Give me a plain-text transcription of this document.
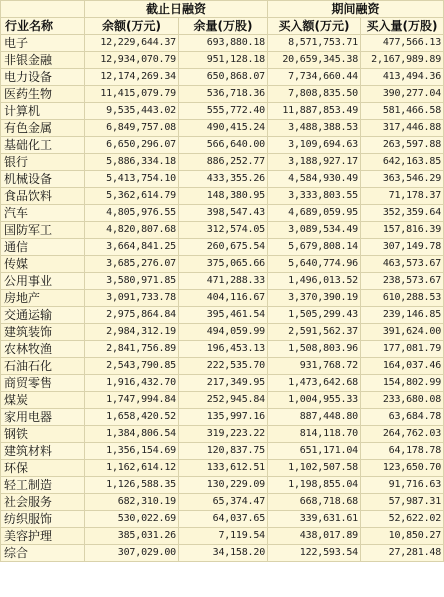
	截止日融资		期间融资	
行业名称	余额(万元)	余量(万股)	买入额(万元)	买入量(万股)
电子	12,229,644.37	693,880.18	8,571,753.71	477,566.13
非银金融	12,934,070.79	951,128.18	20,659,345.38	2,167,989.89
电力设备	12,174,269.34	650,868.07	7,734,660.44	413,494.36
医药生物	11,415,079.79	536,718.36	7,808,835.50	390,277.04
计算机	9,535,443.02	555,772.40	11,887,853.49	581,466.58
有色金属	6,849,757.08	490,415.24	3,488,388.53	317,446.88
基础化工	6,650,296.07	566,640.00	3,109,694.63	263,597.88
银行	5,886,334.18	886,252.77	3,188,927.17	642,163.85
机械设备	5,413,754.10	433,355.26	4,584,930.49	363,546.29
食品饮料	5,362,614.79	148,380.95	3,333,803.55	71,178.37
汽车	4,805,976.55	398,547.43	4,689,059.95	352,359.64
国防军工	4,820,807.68	312,574.05	3,089,534.49	157,816.39
通信	3,664,841.25	260,675.54	5,679,808.14	307,149.78
传媒	3,685,276.07	375,065.66	5,640,774.96	463,573.67
公用事业	3,580,971.85	471,288.33	1,496,013.52	238,573.67
房地产	3,091,733.78	404,116.67	3,370,390.19	610,288.53
交通运输	2,975,864.84	395,461.54	1,505,299.43	239,146.85
建筑装饰	2,984,312.19	494,059.99	2,591,562.37	391,624.00
农林牧渔	2,841,756.89	196,453.13	1,508,803.96	177,081.79
石油石化	2,543,790.85	222,535.70	931,768.72	164,037.46
商贸零售	1,916,432.70	217,349.95	1,473,642.68	154,802.99
煤炭	1,747,994.84	252,945.84	1,004,955.33	233,680.08
家用电器	1,658,420.52	135,997.16	887,448.80	63,684.78
钢铁	1,384,806.54	319,223.22	814,118.70	264,762.03
建筑材料	1,356,154.69	120,837.75	651,171.04	64,178.78
环保	1,162,614.12	133,612.51	1,102,507.58	123,650.70
轻工制造	1,126,588.35	130,229.09	1,198,855.04	91,716.63
社会服务	682,310.19	65,374.47	668,718.68	57,987.31
纺织服饰	530,022.69	64,037.65	339,631.61	52,622.02
美容护理	385,031.26	7,119.54	438,017.89	10,850.27
综合	307,029.00	34,158.20	122,593.54	27,281.48
